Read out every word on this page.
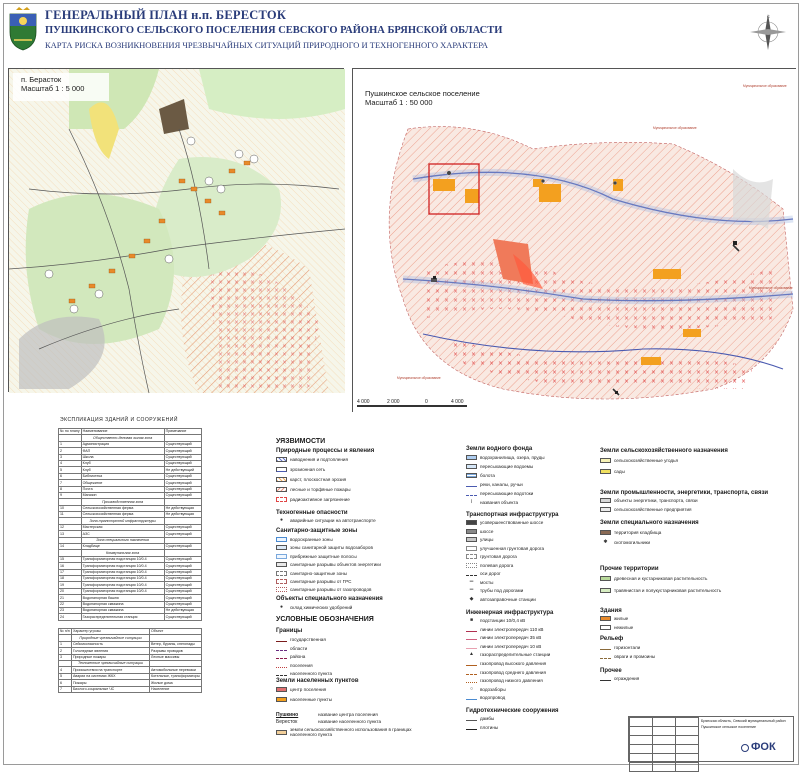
ГЕНЕРАЛЬНЫЙ ПЛАН н.п. БЕРЕСТОК
ПУШКИНСКОГО СЕЛЬСКОГО ПОСЕЛЕНИЯ СЕВСКОГО РАЙОНА БРЯНСКОЙ ОБЛАСТИ
КАРТА РИСКА ВОЗНИКНОВЕНИЯ ЧРЕЗВЫЧАЙНЫХ СИТУАЦИЙ ПРИРОДНОГО И ТЕХНОГЕННОГО ХАРАКТЕРА
С
п. Берасток
Масштаб 1 : 5 000
Муниципальное образование
Муниципальное образование
Муниципальное образование
Муниципальное образование
Пушкинское сельское поселение
Масштаб 1 : 50 000
4 000	2 000	0	4 000
ЭКСПЛИКАЦИЯ ЗДАНИЙ И СООРУЖЕНИЙ
№ по плану	Наименование	Примечание
	Общественно-деловая жилая зона	
1	Администрация	Существующий
2	ФАП	Существующий
3	Школа	Существующий
4	Клуб	Существующий
5	Клуб	Не действующий
6	Библиотека	Существующий
7	Общежитие	Существующий
8	Почта	Существующий
9	Магазин	Существующий
	Производственная зона	
10	Сельскохозяйственная ферма	Не действующая
11	Сельскохозяйственная ферма	Не действующая
	Зона транспортной инфраструктуры	
12	Мастерская	Существующий
13	АЗС	Существующий
	Зона специального назначения	
14	Кладбище	Существующий
	Коммунальная зона	
15	Трансформаторная подстанция 10/0.4	Существующий
16	Трансформаторная подстанция 10/0.4	Существующий
17	Трансформаторная подстанция 10/0.4	Существующий
18	Трансформаторная подстанция 10/0.4	Существующий
19	Трансформаторная подстанция 10/0.4	Существующий
20	Трансформаторная подстанция 10/0.4	Существующий
21	Водонапорная башня	Существующий
22	Водонапорная скважина	Существующий
23	Водонапорная скважина	Не действующая
24	Газораспределительная станция	Существующий
№ п/п	Характер угрозы	Объект
	Природные чрезвычайные ситуации	
1	Сейсмоопасность	Ветер, бураны, снегопады
2	Гололедные явления	Разрывы проводов
3	Природные пожары	Лесные массивы
	Техногенные чрезвычайные ситуации	
4	Происшествия на транспорте	Автомобильные перевозки
5	Аварии на системах ЖКХ	Котельные, трансформаторы
6	Пожары	Жилые дома
7	Биолого-социальные ЧС	Население
УЯЗВИМОСТИ
Природные процессы и явления
наводнения и подтопления
эрозионная сеть
карст, плоскостная эрозия
лесные и торфяные пожары
радиоактивное загрязнение
Техногенные опасности
●	аварийные ситуации на автотранспорте
Санитарно-защитные зоны
водоохранные зоны
зоны санитарной защиты водозаборов
прибрежные защитные полосы
санитарные разрывы объектов энергетики
санитарно-защитные зоны
санитарные разрывы от ГРС
санитарные разрывы от газопроводов
Объекты специального назначения
●	склад химических удобрений
УСЛОВНЫЕ ОБОЗНАЧЕНИЯ
Границы
государственная
области
района
поселения
населенного пункта
Земли населенных пунктов
центр поселения
населенные пункты
Пушкино	название центра поселения
Бересток	название населенного пункта
земли сельскохозяйственного использования в границах населенного пункта
Земли водного фонда
водохранилища, озера, пруды
пересыхающие водоемы
болота
реки, каналы, ручьи
пересыхающие водотоки
⌇	названия объекта
Транспортная инфраструктура
усовершенствованные шоссе
шоссе
улицы
улучшенная грунтовая дорога
грунтовая дорога
полевая дорога
оси дорог
═	мосты
═	трубы под дорогами
◆	автозаправочные станции
Инженерная инфраструктура
■	подстанции 10/0,4 кВ
линии электропередач 110 кВ
линии электропередач 35 кВ
линии электропередач 10 кВ
▲	газораспределительные станции
газопровод высокого давления
газопровод среднего давления
газопровод низкого давления
○	водозаборы
водопровод
Гидротехнические сооружения
дамбы
плотины
Земли сельскохозяйственного назначения
сельскохозяйственные угодья
сады
Земли промышленности, энергетики, транспорта, связи
объекты энергетики, транспорта, связи
сельскохозяйственные предприятия
Земли специального назначения
территория кладбища
✱	скотомогильники
Прочие территории
древесная и кустарниковая растительность
травянистая и полукустарниковая растительность
Здания
жилые
нежилые
Рельеф
горизонтали
овраги и промоины
Прочее
ограждения

Брянская область, Севский муниципальный район
Пушкинское сельское поселение
ФОК
